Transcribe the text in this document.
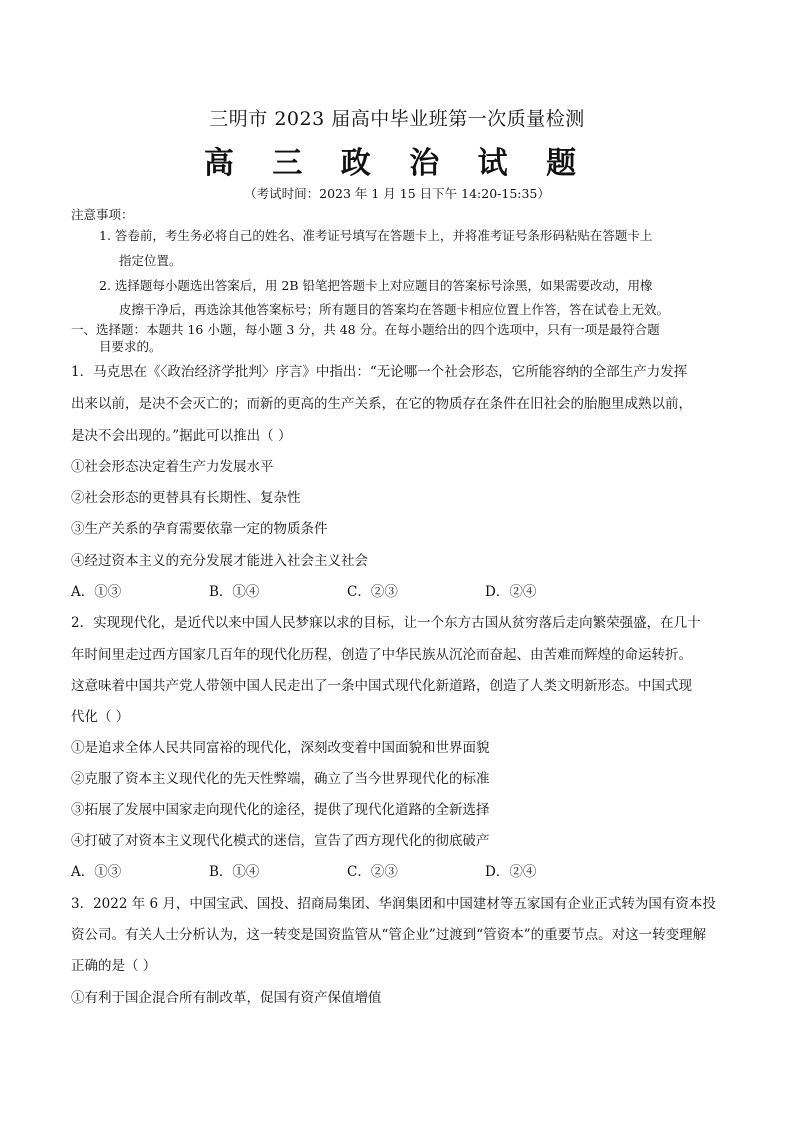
三明市 2023 届高中毕业班第一次质量检测
高 三 政 治 试 题
（考试时间：2023 年 1 月 15 日下午 14:20-15:35）
注意事项：
1. 答卷前，考生务必将自己的姓名、准考证号填写在答题卡上，并将准考证号条形码粘贴在答题卡上
指定位置。
2. 选择题每小题选出答案后，用 2B 铅笔把答题卡上对应题目的答案标号涂黑，如果需要改动，用橡
皮擦干净后，再选涂其他答案标号；所有题目的答案均在答题卡相应位置上作答，答在试卷上无效。
一、选择题：本题共 16 小题，每小题 3 分，共 48 分。在每小题给出的四个选项中，只有一项是最符合题
目要求的。
1．马克思在《〈政治经济学批判〉序言》中指出：“无论哪一个社会形态，它所能容纳的全部生产力发挥
出来以前，是决不会灭亡的；而新的更高的生产关系，在它的物质存在条件在旧社会的胎胞里成熟以前，
是决不会出现的。”据此可以推出（ ）
①社会形态决定着生产力发展水平
②社会形态的更替具有长期性、复杂性
③生产关系的孕育需要依靠一定的物质条件
④经过资本主义的充分发展才能进入社会主义社会
A．①③	B．①④	C．②③	D．②④
2．实现现代化，是近代以来中国人民梦寐以求的目标，让一个东方古国从贫穷落后走向繁荣强盛，在几十
年时间里走过西方国家几百年的现代化历程，创造了中华民族从沉沦而奋起、由苦难而辉煌的命运转折。
这意味着中国共产党人带领中国人民走出了一条中国式现代化新道路，创造了人类文明新形态。中国式现
代化（ ）
①是追求全体人民共同富裕的现代化，深刻改变着中国面貌和世界面貌
②克服了资本主义现代化的先天性弊端，确立了当今世界现代化的标准
③拓展了发展中国家走向现代化的途径，提供了现代化道路的全新选择
④打破了对资本主义现代化模式的迷信，宣告了西方现代化的彻底破产
A．①③	B．①④	C．②③	D．②④
3．2022 年 6 月，中国宝武、国投、招商局集团、华润集团和中国建材等五家国有企业正式转为国有资本投
资公司。有关人士分析认为，这一转变是国资监管从“管企业”过渡到“管资本”的重要节点。对这一转变理解
正确的是（ ）
①有利于国企混合所有制改革，促国有资产保值增值
